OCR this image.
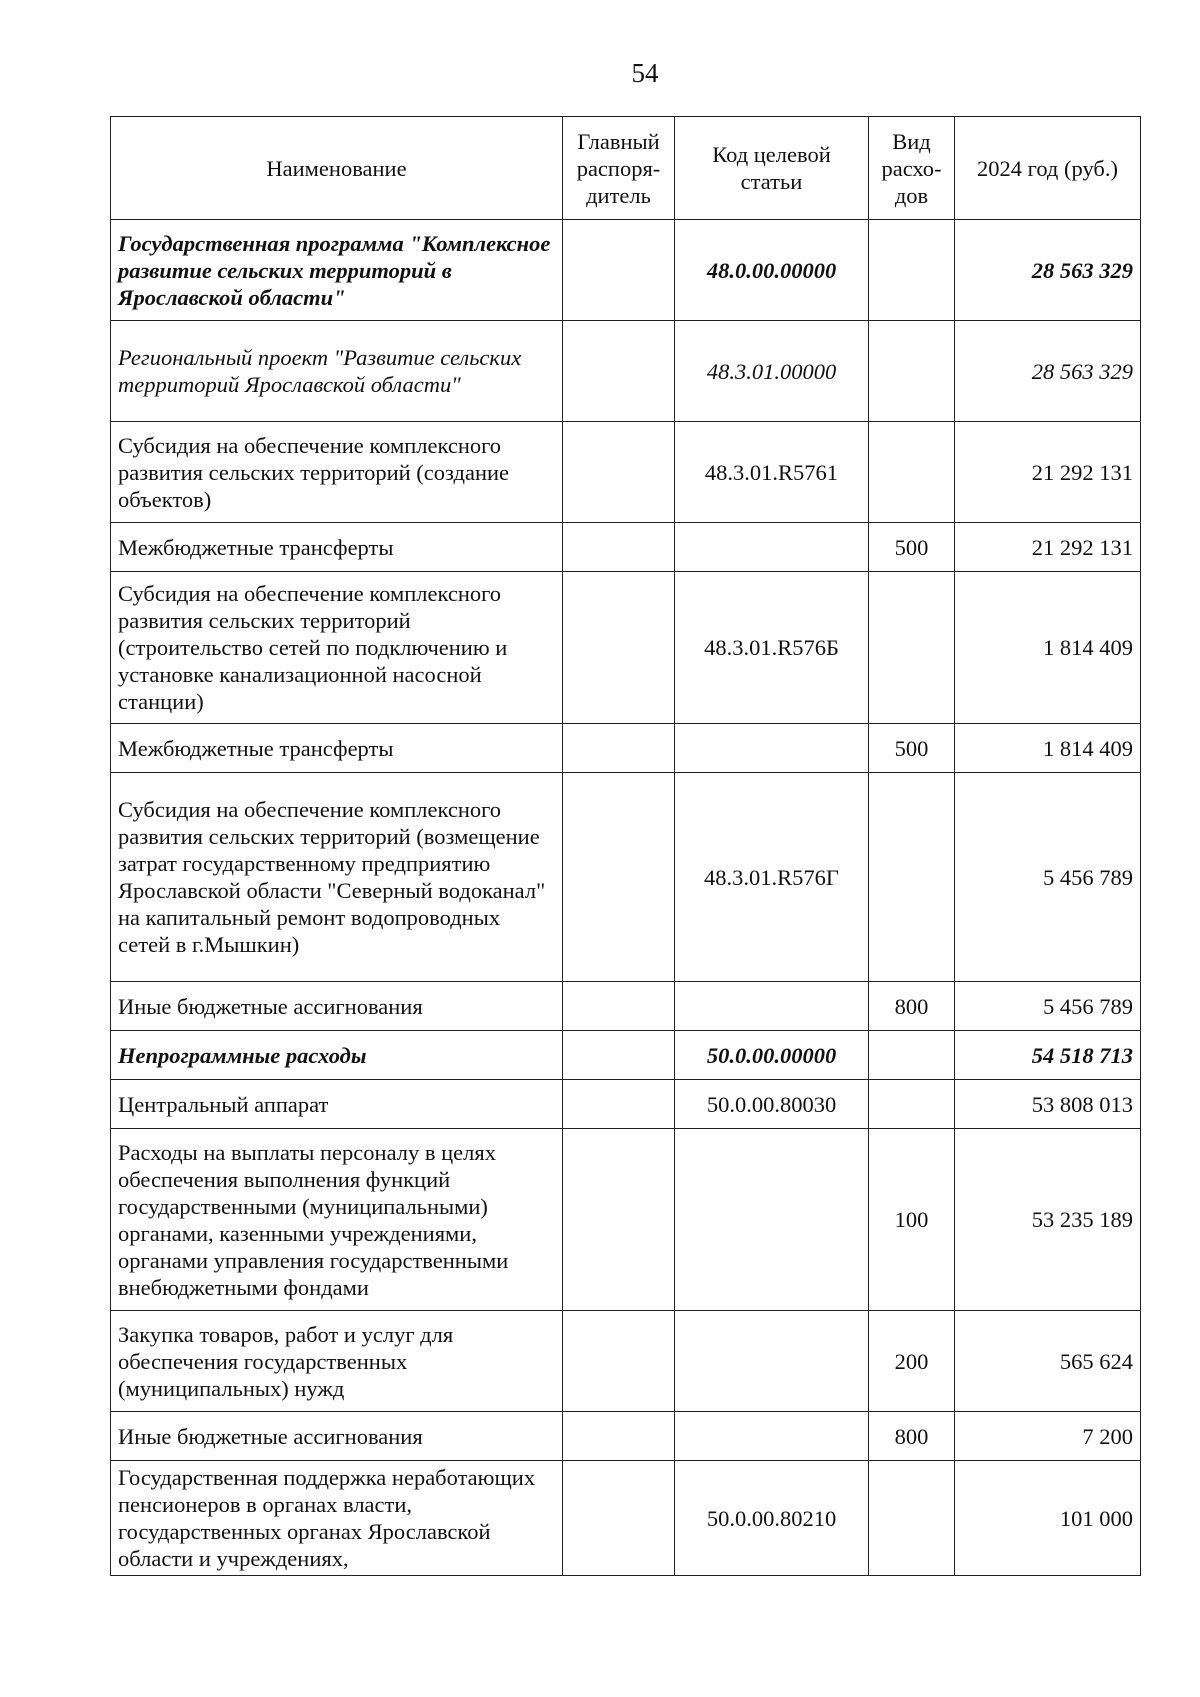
54
Наименование	Главный распоря-дитель	Код целевой статьи	Вид расхо-дов	2024 год (руб.)
Государственная программа "Комплексное развитие сельских территорий в Ярославской области"		48.0.00.00000		28 563 329
Региональный проект "Развитие сельских территорий Ярославской области"		48.3.01.00000		28 563 329
Субсидия на обеспечение комплексного развития сельских территорий (создание объектов)		48.3.01.R5761		21 292 131
Межбюджетные трансферты			500	21 292 131
Субсидия на обеспечение комплексного развития сельских территорий (строительство сетей по подключению и установке канализационной насосной станции)		48.3.01.R576Б		1 814 409
Межбюджетные трансферты			500	1 814 409
Субсидия на обеспечение комплексного развития сельских территорий (возмещение затрат государственному предприятию Ярославской области "Северный водоканал" на капитальный ремонт водопроводных сетей в г.Мышкин)		48.3.01.R576Г		5 456 789
Иные бюджетные ассигнования			800	5 456 789
Непрограммные расходы		50.0.00.00000		54 518 713
Центральный аппарат		50.0.00.80030		53 808 013
Расходы на выплаты персоналу в целях обеспечения выполнения функций государственными (муниципальными) органами, казенными учреждениями, органами управления государственными внебюджетными фондами			100	53 235 189
Закупка товаров, работ и услуг для обеспечения государственных (муниципальных) нужд			200	565 624
Иные бюджетные ассигнования			800	7 200
Государственная поддержка неработающих пенсионеров в органах власти, государственных органах Ярославской области и учреждениях,		50.0.00.80210		101 000
